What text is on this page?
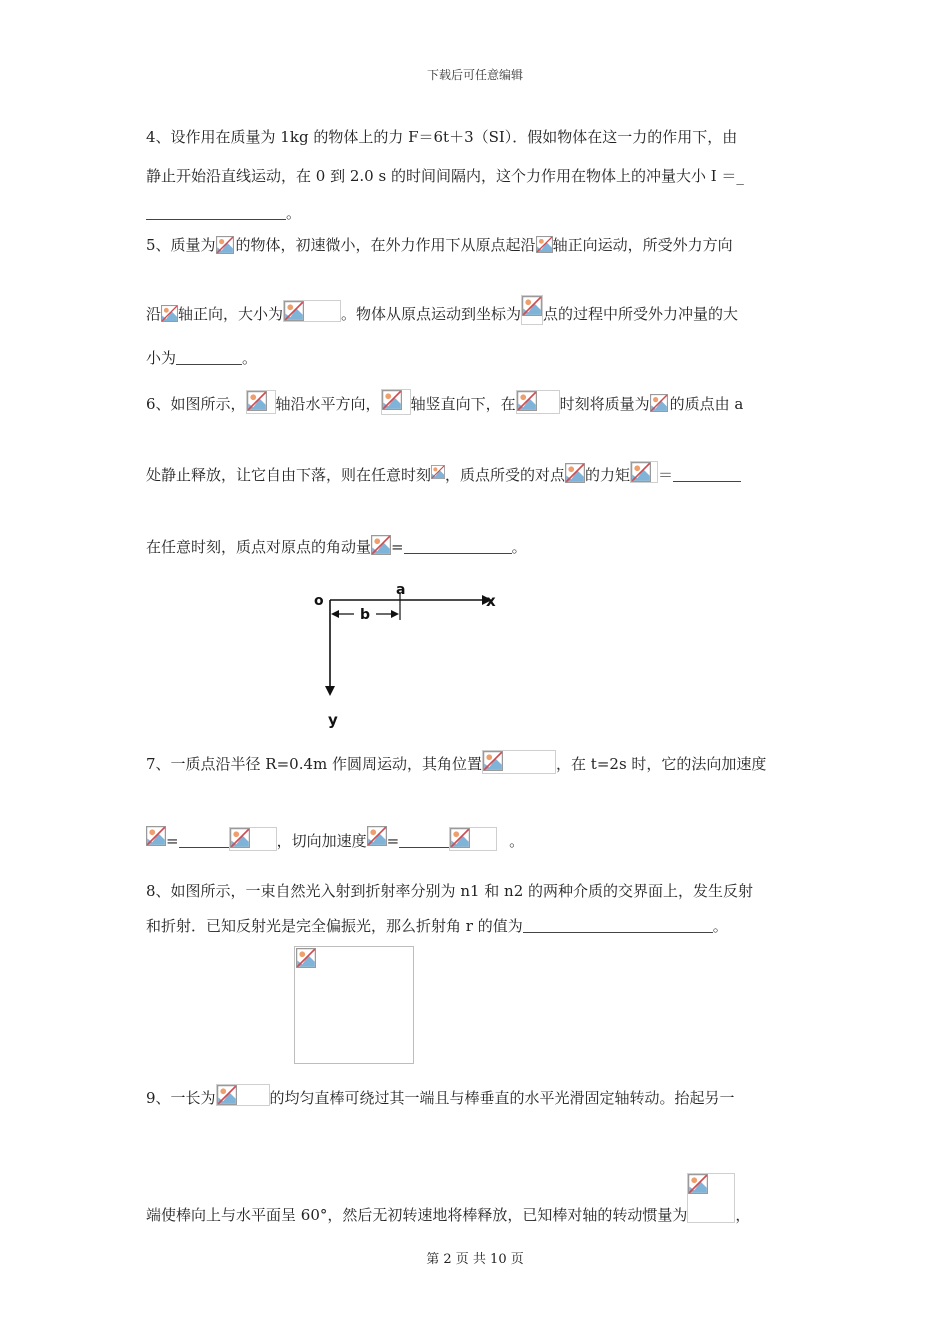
下载后可任意编辑
4、设作用在质量为 1kg 的物体上的力 F＝6t＋3（SI）．假如物体在这一力的作用下，由
静止开始沿直线运动，在 0 到 2.0 s 的时间间隔内，这个力作用在物体上的冲量大小 I ＝_
。
5、质量为 的物体，初速微小，在外力作用下从原点起沿 轴正向运动，所受外力方向
沿 轴正向，大小为	。物体从原点运动到坐标为 点的过程中所受外力冲量的大
小为	。
6、如图所示， 轴沿水平方向， 轴竖直向下，在	时刻将质量为 的质点由 a
处静止释放，让它自由下落，则在任意时刻 ，质点所受的对点 的力矩 ＝
在任意时刻，质点对原点的角动量 =	。
o
a
x
b
y
7、一质点沿半径 R=0.4m 作圆周运动，其角位置	，在 t=2s 时，它的法向加速度
=	，切向加速度 =	。
8、如图所示，一束自然光入射到折射率分别为 n1 和 n2 的两种介质的交界面上，发生反射
和折射．已知反射光是完全偏振光，那么折射角 r 的值为	。
9、一长为	的均匀直棒可绕过其一端且与棒垂直的水平光滑固定轴转动。抬起另一
端使棒向上与水平面呈 60°，然后无初转速地将棒释放，已知棒对轴的转动惯量为	，
第 2 页 共 10 页
